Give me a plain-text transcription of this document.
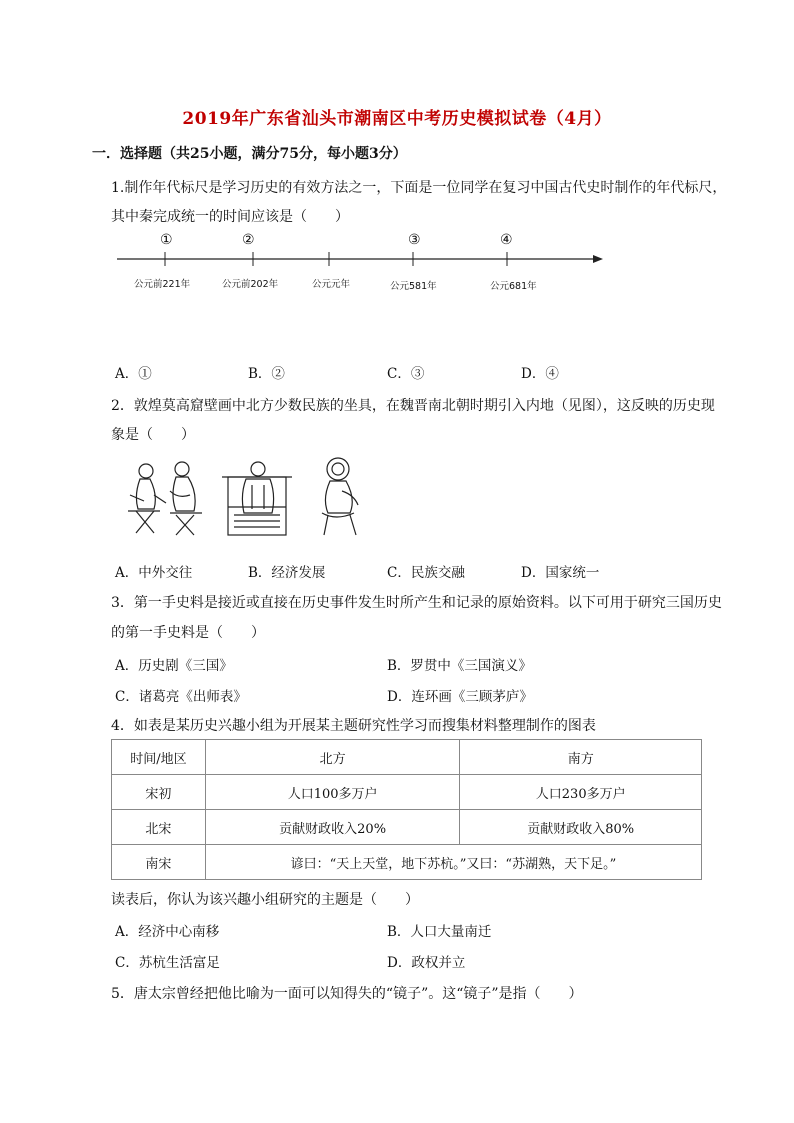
2019年广东省汕头市潮南区中考历史模拟试卷（4月）
一．选择题（共25小题，满分75分，每小题3分）
1.制作年代标尺是学习历史的有效方法之一，下面是一位同学在复习中国古代史时制作的年代标尺，
其中秦完成统一的时间应该是（　　）
①	②	③	④
公元前221年	公元前202年	公元元年	公元581年	公元681年
A．①	B．②	C．③	D．④
2．敦煌莫高窟壁画中北方少数民族的坐具，在魏晋南北朝时期引入内地（见图），这反映的历史现
象是（　　）
A．中外交往	B．经济发展	C．民族交融	D．国家统一
3．第一手史料是接近或直接在历史事件发生时所产生和记录的原始资料。以下可用于研究三国历史
的第一手史料是（　　）
A．历史剧《三国》	B．罗贯中《三国演义》
C．诸葛亮《出师表》	D．连环画《三顾茅庐》
4．如表是某历史兴趣小组为开展某主题研究性学习而搜集材料整理制作的图表
时间/地区	北方	南方
宋初	人口100多万户	人口230多万户
北宋	贡献财政收入20%	贡献财政收入80%
南宋	谚曰：“天上天堂，地下苏杭。”又曰：“苏湖熟，天下足。”	
读表后，你认为该兴趣小组研究的主题是（　　）
A．经济中心南移	B．人口大量南迁
C．苏杭生活富足	D．政权并立
5．唐太宗曾经把他比喻为一面可以知得失的“镜子”。这“镜子”是指（　　）
